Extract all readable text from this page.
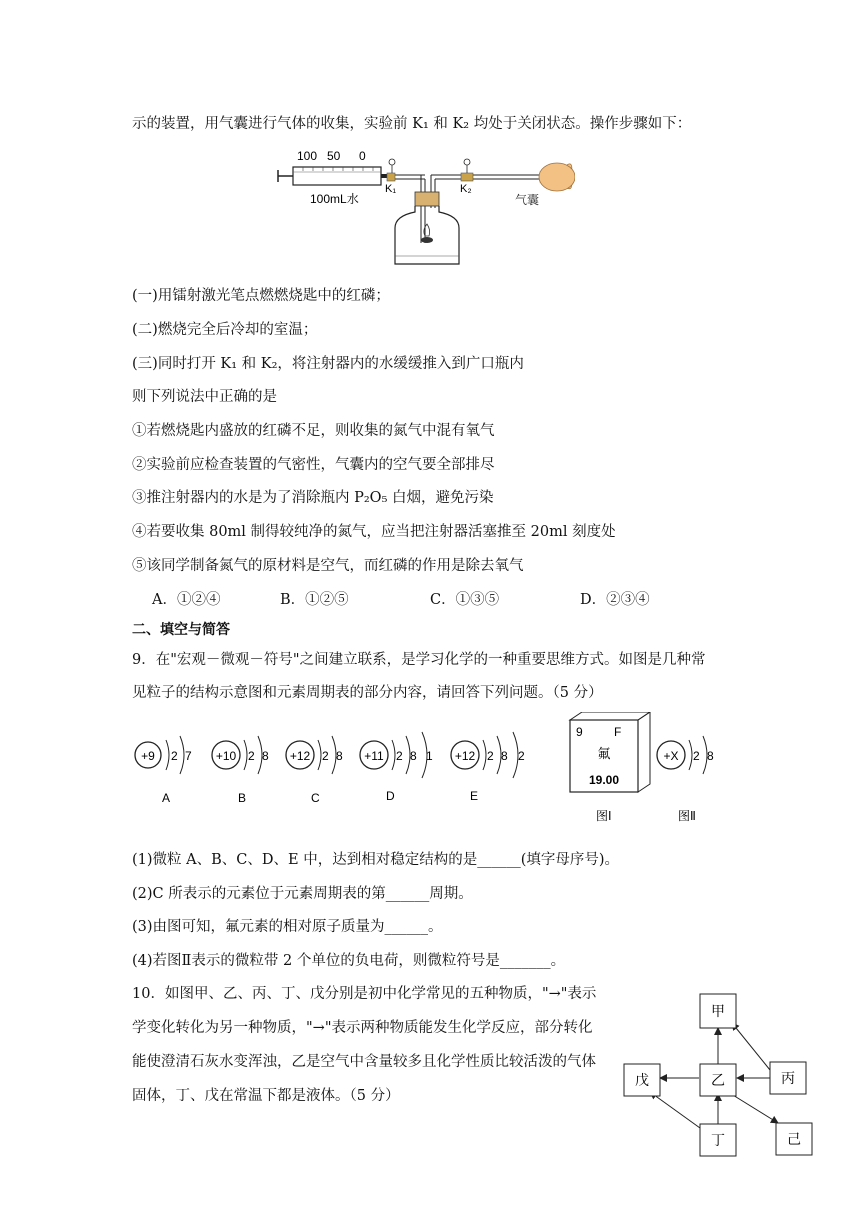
示的装置，用气囊进行气体的收集，实验前 K₁ 和 K₂ 均处于关闭状态。操作步骤如下：
100 50 0
100mL水
K₁	K₂
气囊
(一)用镭射激光笔点燃燃烧匙中的红磷；
(二)燃烧完全后冷却的室温；
(三)同时打开 K₁ 和 K₂，将注射器内的水缓缓推入到广口瓶内
则下列说法中正确的是
①若燃烧匙内盛放的红磷不足，则收集的氮气中混有氧气
②实验前应检查装置的气密性，气囊内的空气要全部排尽
③推注射器内的水是为了消除瓶内 P₂O₅ 白烟，避免污染
④若要收集 80ml 制得较纯净的氮气，应当把注射器活塞推至 20ml 刻度处
⑤该同学制备氮气的原材料是空气，而红磷的作用是除去氧气
A．①②④	B．①②⑤	C．①③⑤	D．②③④
二、填空与简答
9．在"宏观－微观－符号"之间建立联系，是学习化学的一种重要思维方式。如图是几种常
见粒子的结构示意图和元素周期表的部分内容，请回答下列问题。（5 分）
+9 2 7
A
+10 2 8
B
+12 2 8
C
+11 2 8 1
D
+12 2 8 2
E
9	F
氟
19.00
图Ⅰ
+X 2 8
图Ⅱ
(1)微粒 A、B、C、D、E 中，达到相对稳定结构的是______(填字母序号)。
(2)C 所表示的元素位于元素周期表的第______周期。
(3)由图可知，氟元素的相对原子质量为______。
(4)若图Ⅱ表示的微粒带 2 个单位的负电荷，则微粒符号是_______。
10．如图甲、乙、丙、丁、戊分别是初中化学常见的五种物质，"→"表示
学变化转化为另一种物质，"→"表示两种物质能发生化学反应，部分转化
能使澄清石灰水变浑浊，乙是空气中含量较多且化学性质比较活泼的气体
固体，丁、戊在常温下都是液体。（5 分）
甲
乙	丙
戊
丁	己
